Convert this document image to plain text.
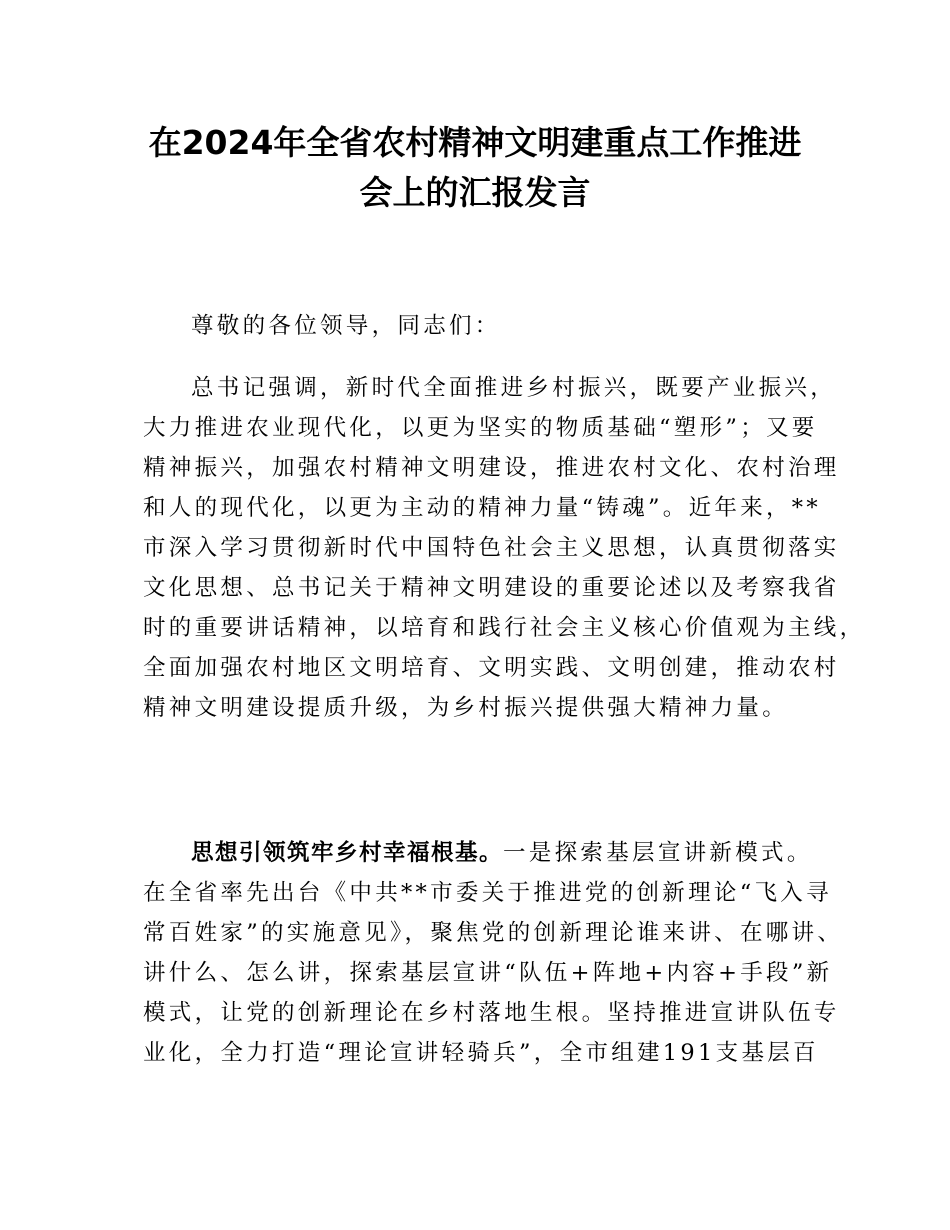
在2024年全省农村精神文明建重点工作推进
会上的汇报发言
尊敬的各位领导，同志们：
总书记强调，新时代全面推进乡村振兴，既要产业振兴，
大力推进农业现代化，以更为坚实的物质基础“塑形”；又要
精神振兴，加强农村精神文明建设，推进农村文化、农村治理
和人的现代化，以更为主动的精神力量“铸魂”。近年来，**
市深入学习贯彻新时代中国特色社会主义思想，认真贯彻落实
文化思想、总书记关于精神文明建设的重要论述以及考察我省
时的重要讲话精神，以培育和践行社会主义核心价值观为主线，
全面加强农村地区文明培育、文明实践、文明创建，推动农村
精神文明建设提质升级，为乡村振兴提供强大精神力量。
思想引领筑牢乡村幸福根基。一是探索基层宣讲新模式。
在全省率先出台《中共**市委关于推进党的创新理论“飞入寻
常百姓家”的实施意见》，聚焦党的创新理论谁来讲、在哪讲、
讲什么、怎么讲，探索基层宣讲“队伍+阵地+内容+手段”新
模式，让党的创新理论在乡村落地生根。坚持推进宣讲队伍专
业化，全力打造“理论宣讲轻骑兵”，全市组建191支基层百
